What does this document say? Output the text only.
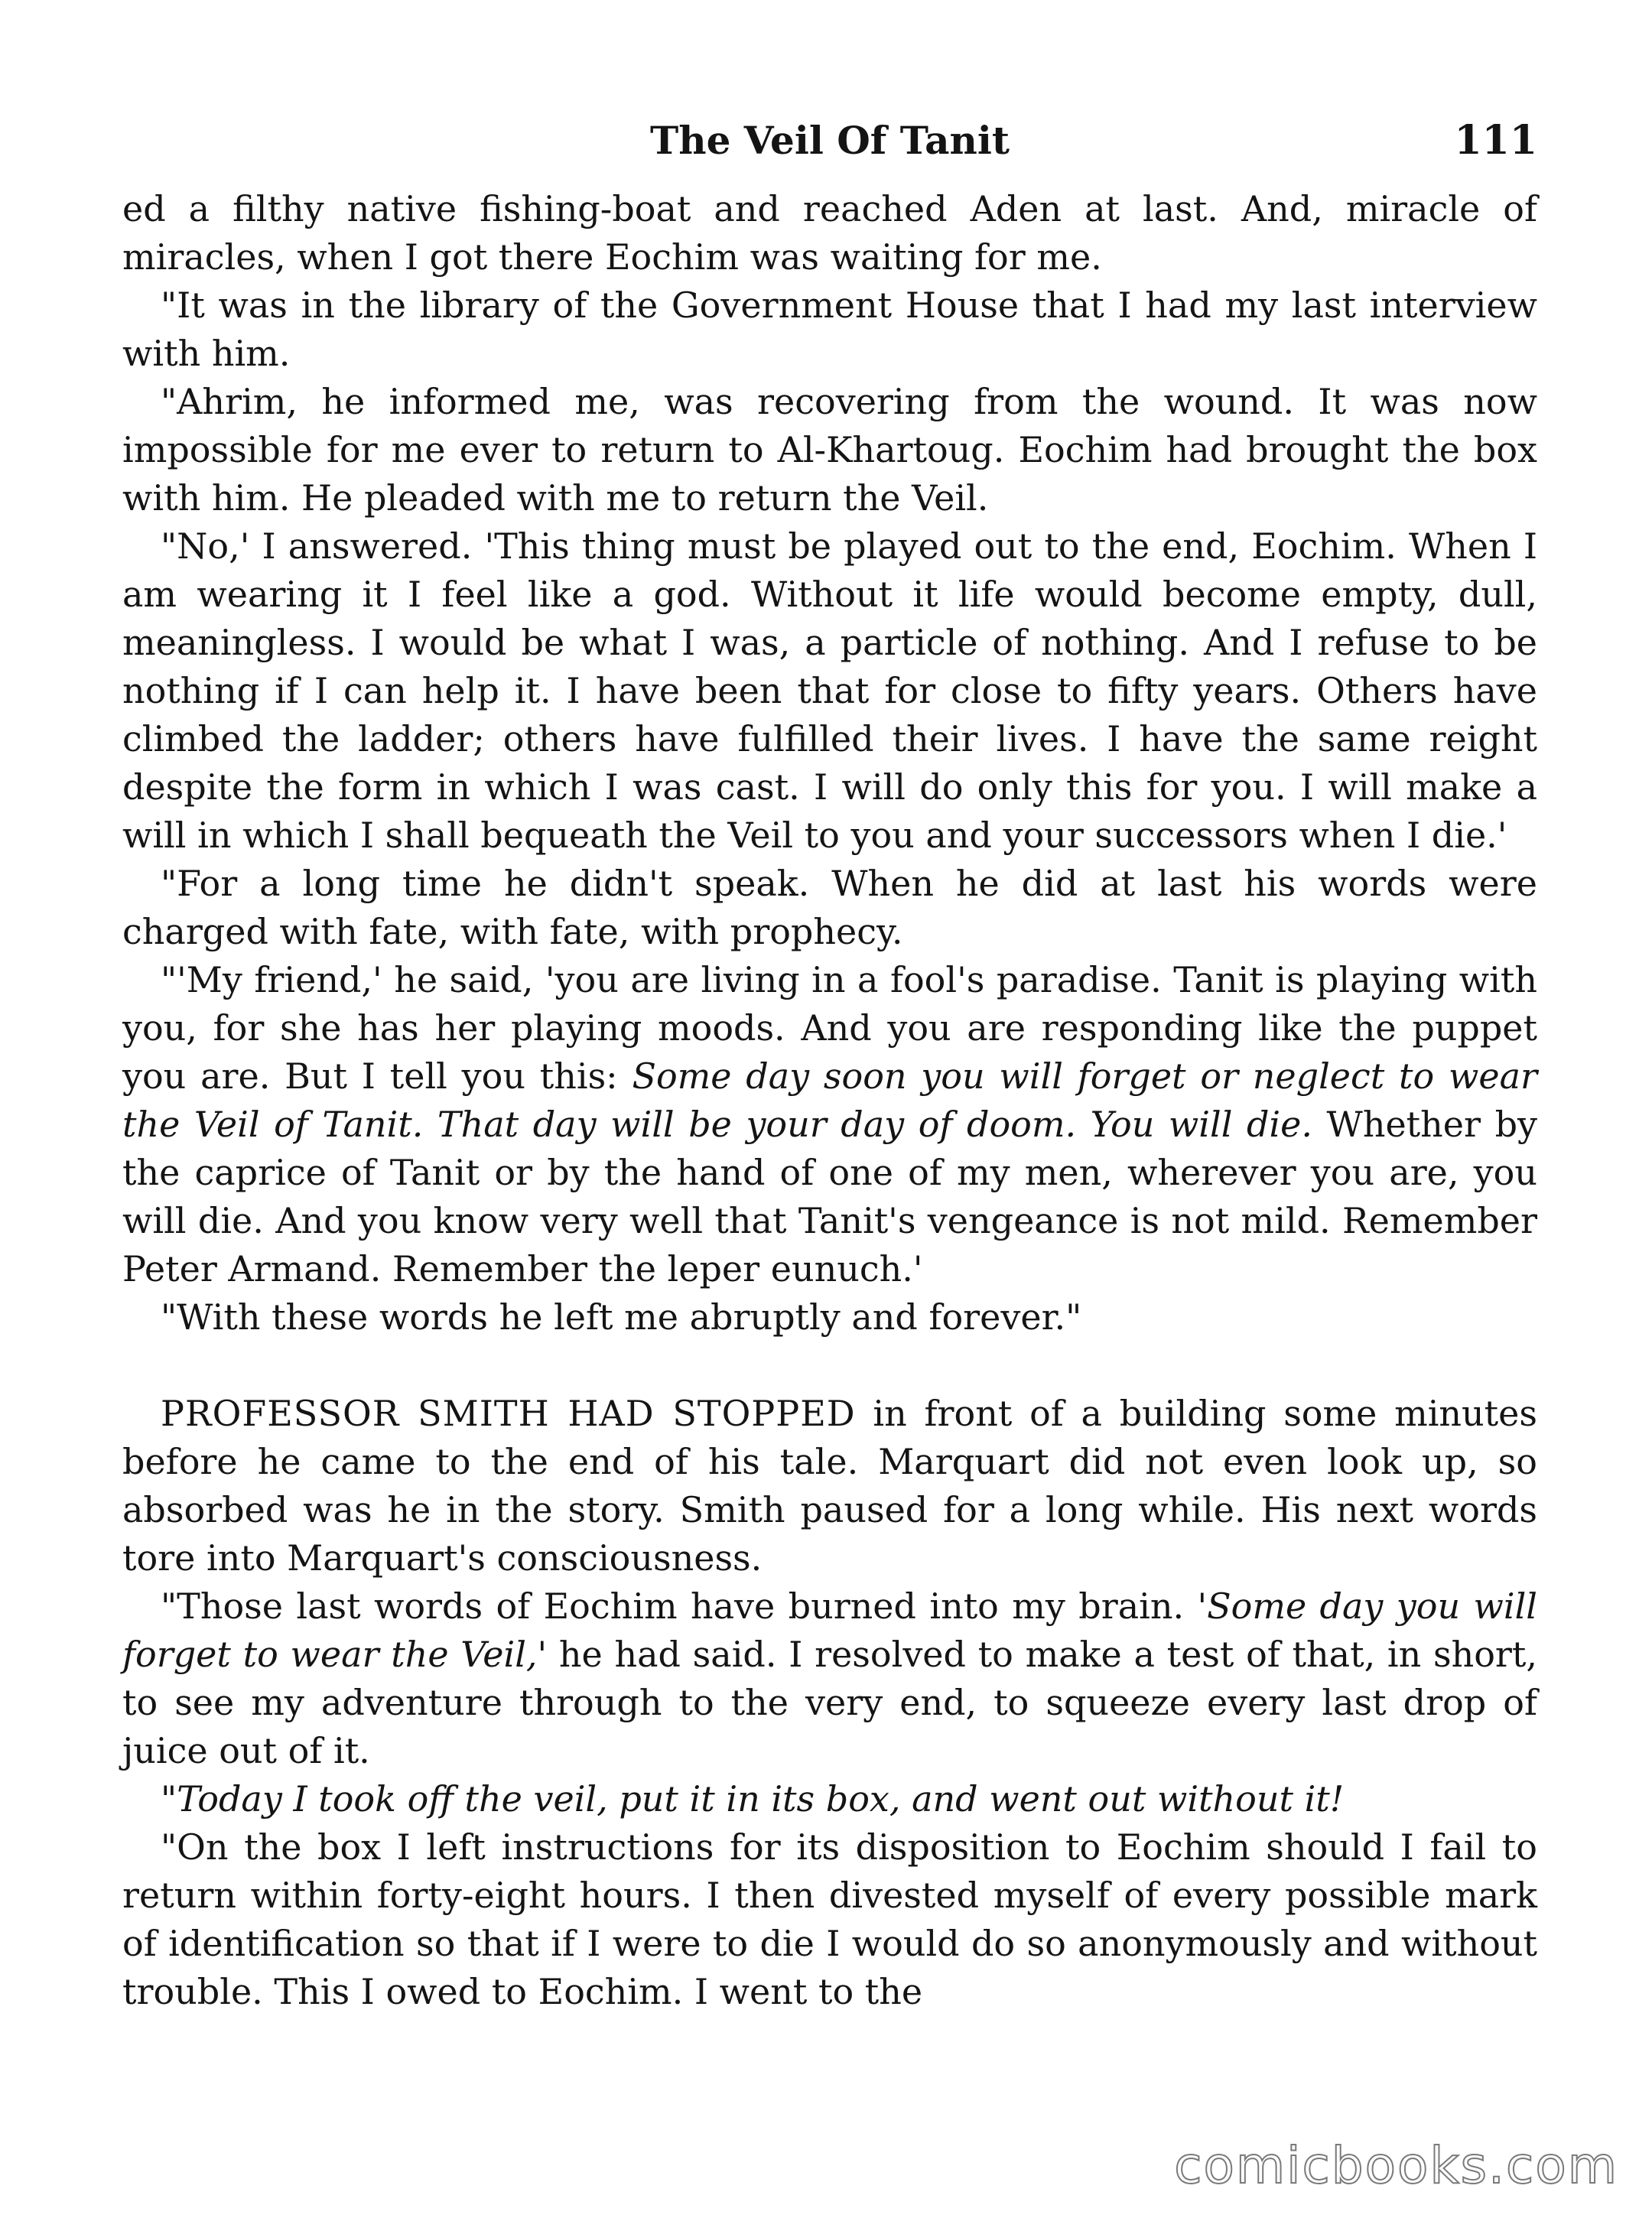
The Veil Of Tanit	111

ed a filthy native fishing-boat and reached Aden at last. And, miracle of miracles, when I got there Eochim was waiting for me.

"It was in the library of the Government House that I had my last interview with him.

"Ahrim, he informed me, was recovering from the wound. It was now impossible for me ever to return to Al-Khartoug. Eochim had brought the box with him. He pleaded with me to return the Veil.

"No,' I answered. 'This thing must be played out to the end, Eochim. When I am wearing it I feel like a god. Without it life would become empty, dull, meaningless. I would be what I was, a particle of nothing. And I refuse to be nothing if I can help it. I have been that for close to fifty years. Others have climbed the ladder; others have fulfilled their lives. I have the same reight despite the form in which I was cast. I will do only this for you. I will make a will in which I shall bequeath the Veil to you and your successors when I die.'

"For a long time he didn't speak. When he did at last his words were charged with fate, with fate, with prophecy.

"'My friend,' he said, 'you are living in a fool's paradise. Tanit is playing with you, for she has her playing moods. And you are responding like the puppet you are. But I tell you this: Some day soon you will forget or neglect to wear the Veil of Tanit. That day will be your day of doom. You will die. Whether by the caprice of Tanit or by the hand of one of my men, wherever you are, you will die. And you know very well that Tanit's vengeance is not mild. Remember Peter Armand. Remember the leper eunuch.'

"With these words he left me abruptly and forever."

PROFESSOR SMITH HAD STOPPED in front of a building some minutes before he came to the end of his tale. Marquart did not even look up, so absorbed was he in the story. Smith paused for a long while. His next words tore into Marquart's consciousness.

"Those last words of Eochim have burned into my brain. 'Some day you will forget to wear the Veil,' he had said. I resolved to make a test of that, in short, to see my adventure through to the very end, to squeeze every last drop of juice out of it.

"Today I took off the veil, put it in its box, and went out without it!

"On the box I left instructions for its disposition to Eochim should I fail to return within forty-eight hours. I then divested myself of every possible mark of identification so that if I were to die I would do so anonymously and without trouble. This I owed to Eochim. I went to the

comicbooks.com
